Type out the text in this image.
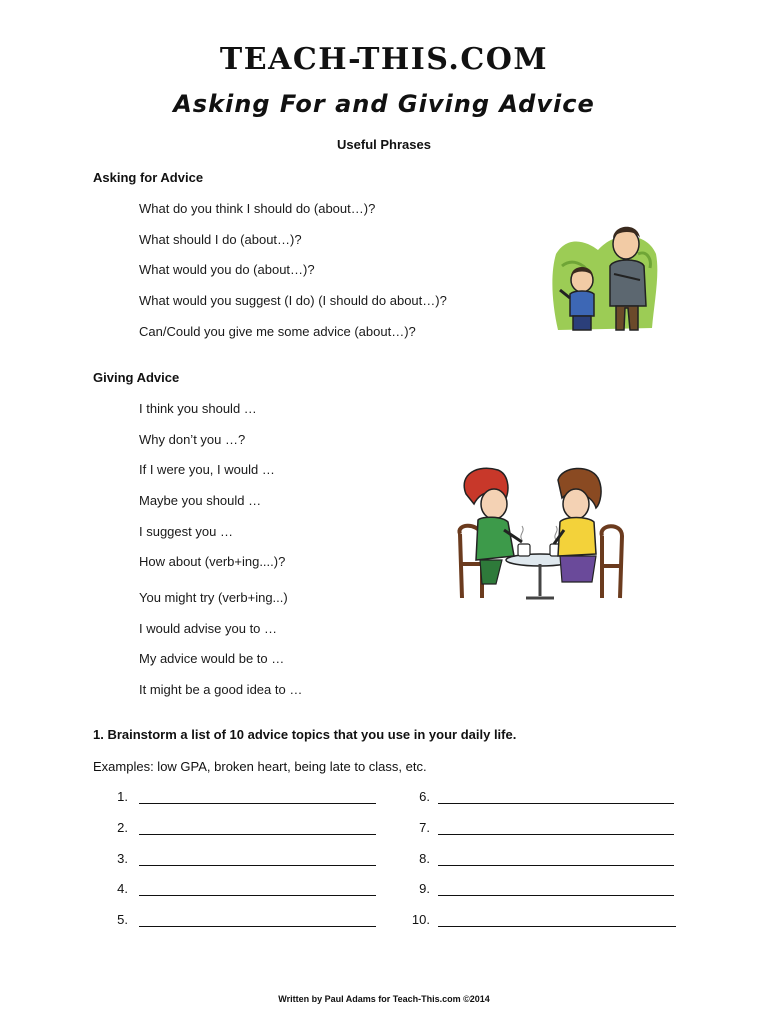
TEACH-THIS.COM
Asking For and Giving Advice
Useful Phrases
Asking for Advice
What do you think I should do (about…)?
What should I do (about…)?
What would you do (about…)?
What would you suggest (I do) (I should do about…)?
Can/Could you give me some advice (about…)?
Giving Advice
I think you should …
Why don’t you …?
If I were you, I would …
Maybe you should …
I suggest you …
How about (verb+ing....)?
You might try (verb+ing...)
I would advise you to …
My advice would be to …
It might be a good idea to …
1. Brainstorm a list of 10 advice topics that you use in your daily life.
Examples: low GPA, broken heart, being late to class, etc.
1.
2.
3.
4.
5.
6.
7.
8.
9.
10.
Written by Paul Adams for Teach-This.com ©2014
